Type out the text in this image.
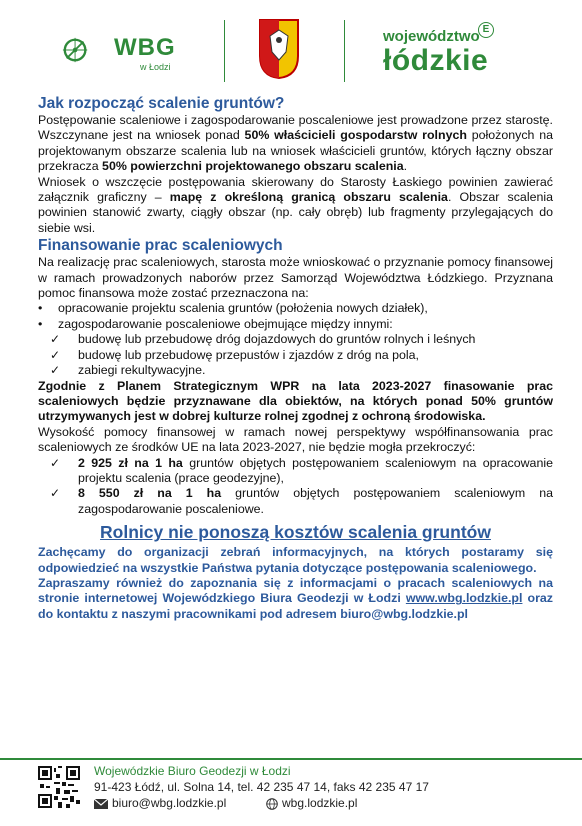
WBG
w Łodzi
województwo
łódzkie
E
Jak rozpocząć scalenie gruntów?

Postępowanie scaleniowe i zagospodarowanie poscaleniowe jest prowadzone przez starostę. Wszczynane jest na wniosek ponad 50% właścicieli gospodarstw rolnych położonych na projektowanym obszarze scalenia lub na wniosek właścicieli gruntów, których łączny obszar przekracza 50% powierzchni projektowanego obszaru scalenia.

Wniosek o wszczęcie postępowania skierowany do Starosty Łaskiego powinien zawierać załącznik graficzny – mapę z określoną granicą obszaru scalenia. Obszar scalenia powinien stanowić zwarty, ciągły obszar (np. cały obręb) lub fragmenty przylegających do siebie wsi.

Finansowanie prac scaleniowych

Na realizację prac scaleniowych, starosta może wnioskować o przyznanie pomocy finansowej w ramach prowadzonych naborów przez Samorząd Województwa Łódzkiego. Przyznana pomoc finansowa może zostać przeznaczona na:

• opracowanie projektu scalenia gruntów (położenia nowych działek),
• zagospodarowanie poscaleniowe obejmujące między innymi:
✓ budowę lub przebudowę dróg dojazdowych do gruntów rolnych i leśnych
✓ budowę lub przebudowę przepustów i zjazdów z dróg na pola,
✓ zabiegi rekultywacyjne.

Zgodnie z Planem Strategicznym WPR na lata 2023-2027 finasowanie prac scaleniowych będzie przyznawane dla obiektów, na których ponad 50% gruntów utrzymywanych jest w dobrej kulturze rolnej zgodnej z ochroną środowiska.

Wysokość pomocy finansowej w ramach nowej perspektywy współfinansowania prac scaleniowych ze środków UE na lata 2023-2027, nie będzie mogła przekroczyć:

✓ 2 925 zł na 1 ha gruntów objętych postępowaniem scaleniowym na opracowanie projektu scalenia (prace geodezyjne),
✓ 8 550 zł na 1 ha gruntów objętych postępowaniem scaleniowym na zagospodarowanie poscaleniowe.
Rolnicy nie ponoszą kosztów scalenia gruntów

Zachęcamy do organizacji zebrań informacyjnych, na których postaramy się odpowiedzieć na wszystkie Państwa pytania dotyczące postępowania scaleniowego.

Zapraszamy również do zapoznania się z informacjami o pracach scaleniowych na stronie internetowej Wojewódzkiego Biura Geodezji w Łodzi www.wbg.lodzkie.pl oraz do kontaktu z naszymi pracownikami pod adresem biuro@wbg.lodzkie.pl

Wojewódzkie Biuro Geodezji w Łodzi
91-423 Łódź, ul. Solna 14, tel. 42 235 47 14, faks 42 235 47 17
biuro@wbg.lodzkie.pl	wbg.lodzkie.pl
